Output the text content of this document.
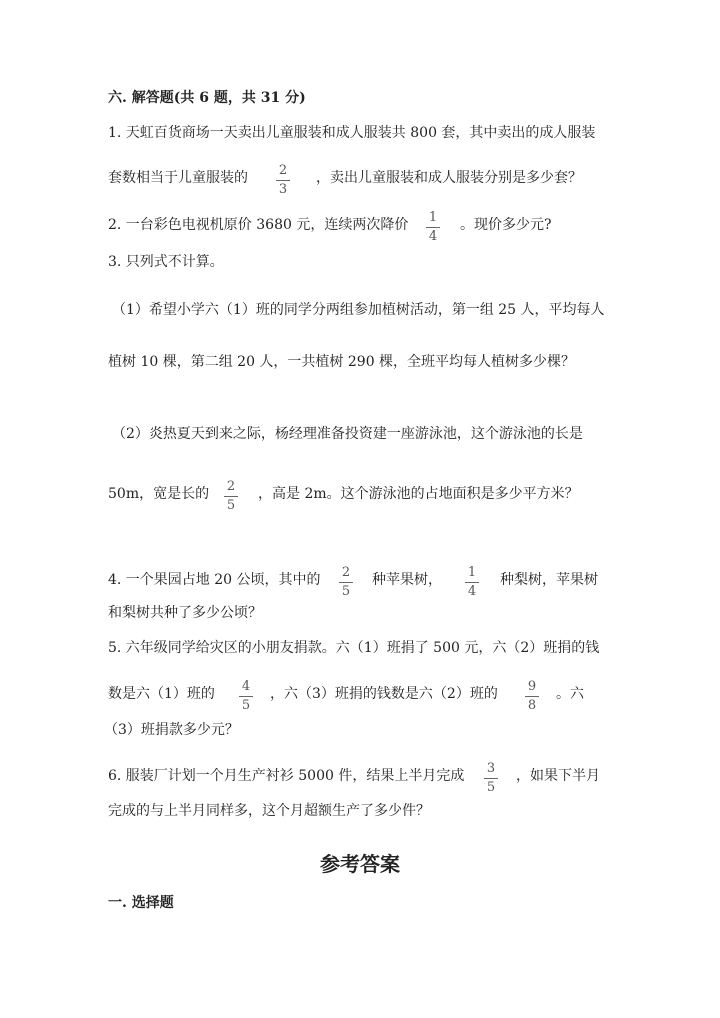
六. 解答题(共 6 题，共 31 分)
1. 天虹百货商场一天卖出儿童服装和成人服装共 800 套，其中卖出的成人服装
套数相当于儿童服装的	2
3
，卖出儿童服装和成人服装分别是多少套？
2. 一台彩色电视机原价 3680 元，连续两次降价	1
4
。现价多少元?
3. 只列式不计算。
（1）希望小学六（1）班的同学分两组参加植树活动，第一组 25 人，平均每人
植树 10 棵，第二组 20 人，一共植树 290 棵，全班平均每人植树多少棵？
（2）炎热夏天到来之际，杨经理准备投资建一座游泳池，这个游泳池的长是
50m，宽是长的	2
5
，高是 2m。这个游泳池的占地面积是多少平方米？
4. 一个果园占地 20 公顷，其中的	2
5
种苹果树，	1
4
种梨树，苹果树
和梨树共种了多少公顷？
5. 六年级同学给灾区的小朋友捐款。六（1）班捐了 500 元，六（2）班捐的钱
数是六（1）班的	4
5
，六（3）班捐的钱数是六（2）班的	9
8
。六
（3）班捐款多少元？
6. 服装厂计划一个月生产衬衫 5000 件，结果上半月完成	3
5
，如果下半月
完成的与上半月同样多，这个月超额生产了多少件？
参考答案
一. 选择题
